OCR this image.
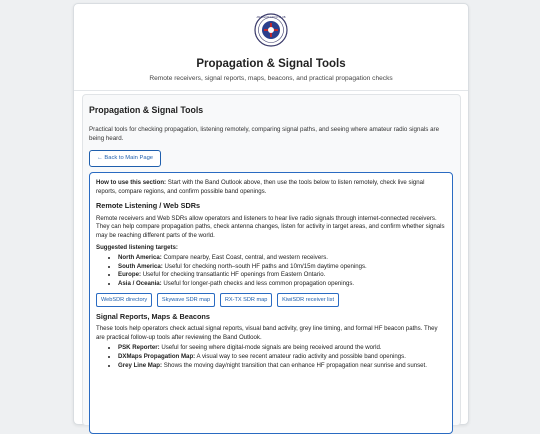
AMATEUR RADIO CLUB
Propagation & Signal Tools
Remote receivers, signal reports, maps, beacons, and practical propagation checks
Propagation & Signal Tools
Practical tools for checking propagation, listening remotely, comparing signal paths, and seeing where amateur radio signals are being heard.
← Back to Main Page
How to use this section: Start with the Band Outlook above, then use the tools below to listen remotely, check live signal reports, compare regions, and confirm possible band openings.
Remote Listening / Web SDRs
Remote receivers and Web SDRs allow operators and listeners to hear live radio signals through internet-connected receivers. They can help compare propagation paths, check antenna changes, listen for activity in target areas, and confirm whether signals may be reaching different parts of the world.
Suggested listening targets:
• North America: Compare nearby, East Coast, central, and western receivers.
• South America: Useful for checking north–south HF paths and 10m/15m daytime openings.
• Europe: Useful for checking transatlantic HF openings from Eastern Ontario.
• Asia / Oceania: Useful for longer-path checks and less common propagation openings.
WebSDR directory	Skywave SDR map	RX-TX SDR map	KiwiSDR receiver list
Signal Reports, Maps & Beacons
These tools help operators check actual signal reports, visual band activity, grey line timing, and formal HF beacon paths. They are practical follow-up tools after reviewing the Band Outlook.
• PSK Reporter: Useful for seeing where digital-mode signals are being received around the world.
• DXMaps Propagation Map: A visual way to see recent amateur radio activity and possible band openings.
• Grey Line Map: Shows the moving day/night transition that can enhance HF propagation near sunrise and sunset.
